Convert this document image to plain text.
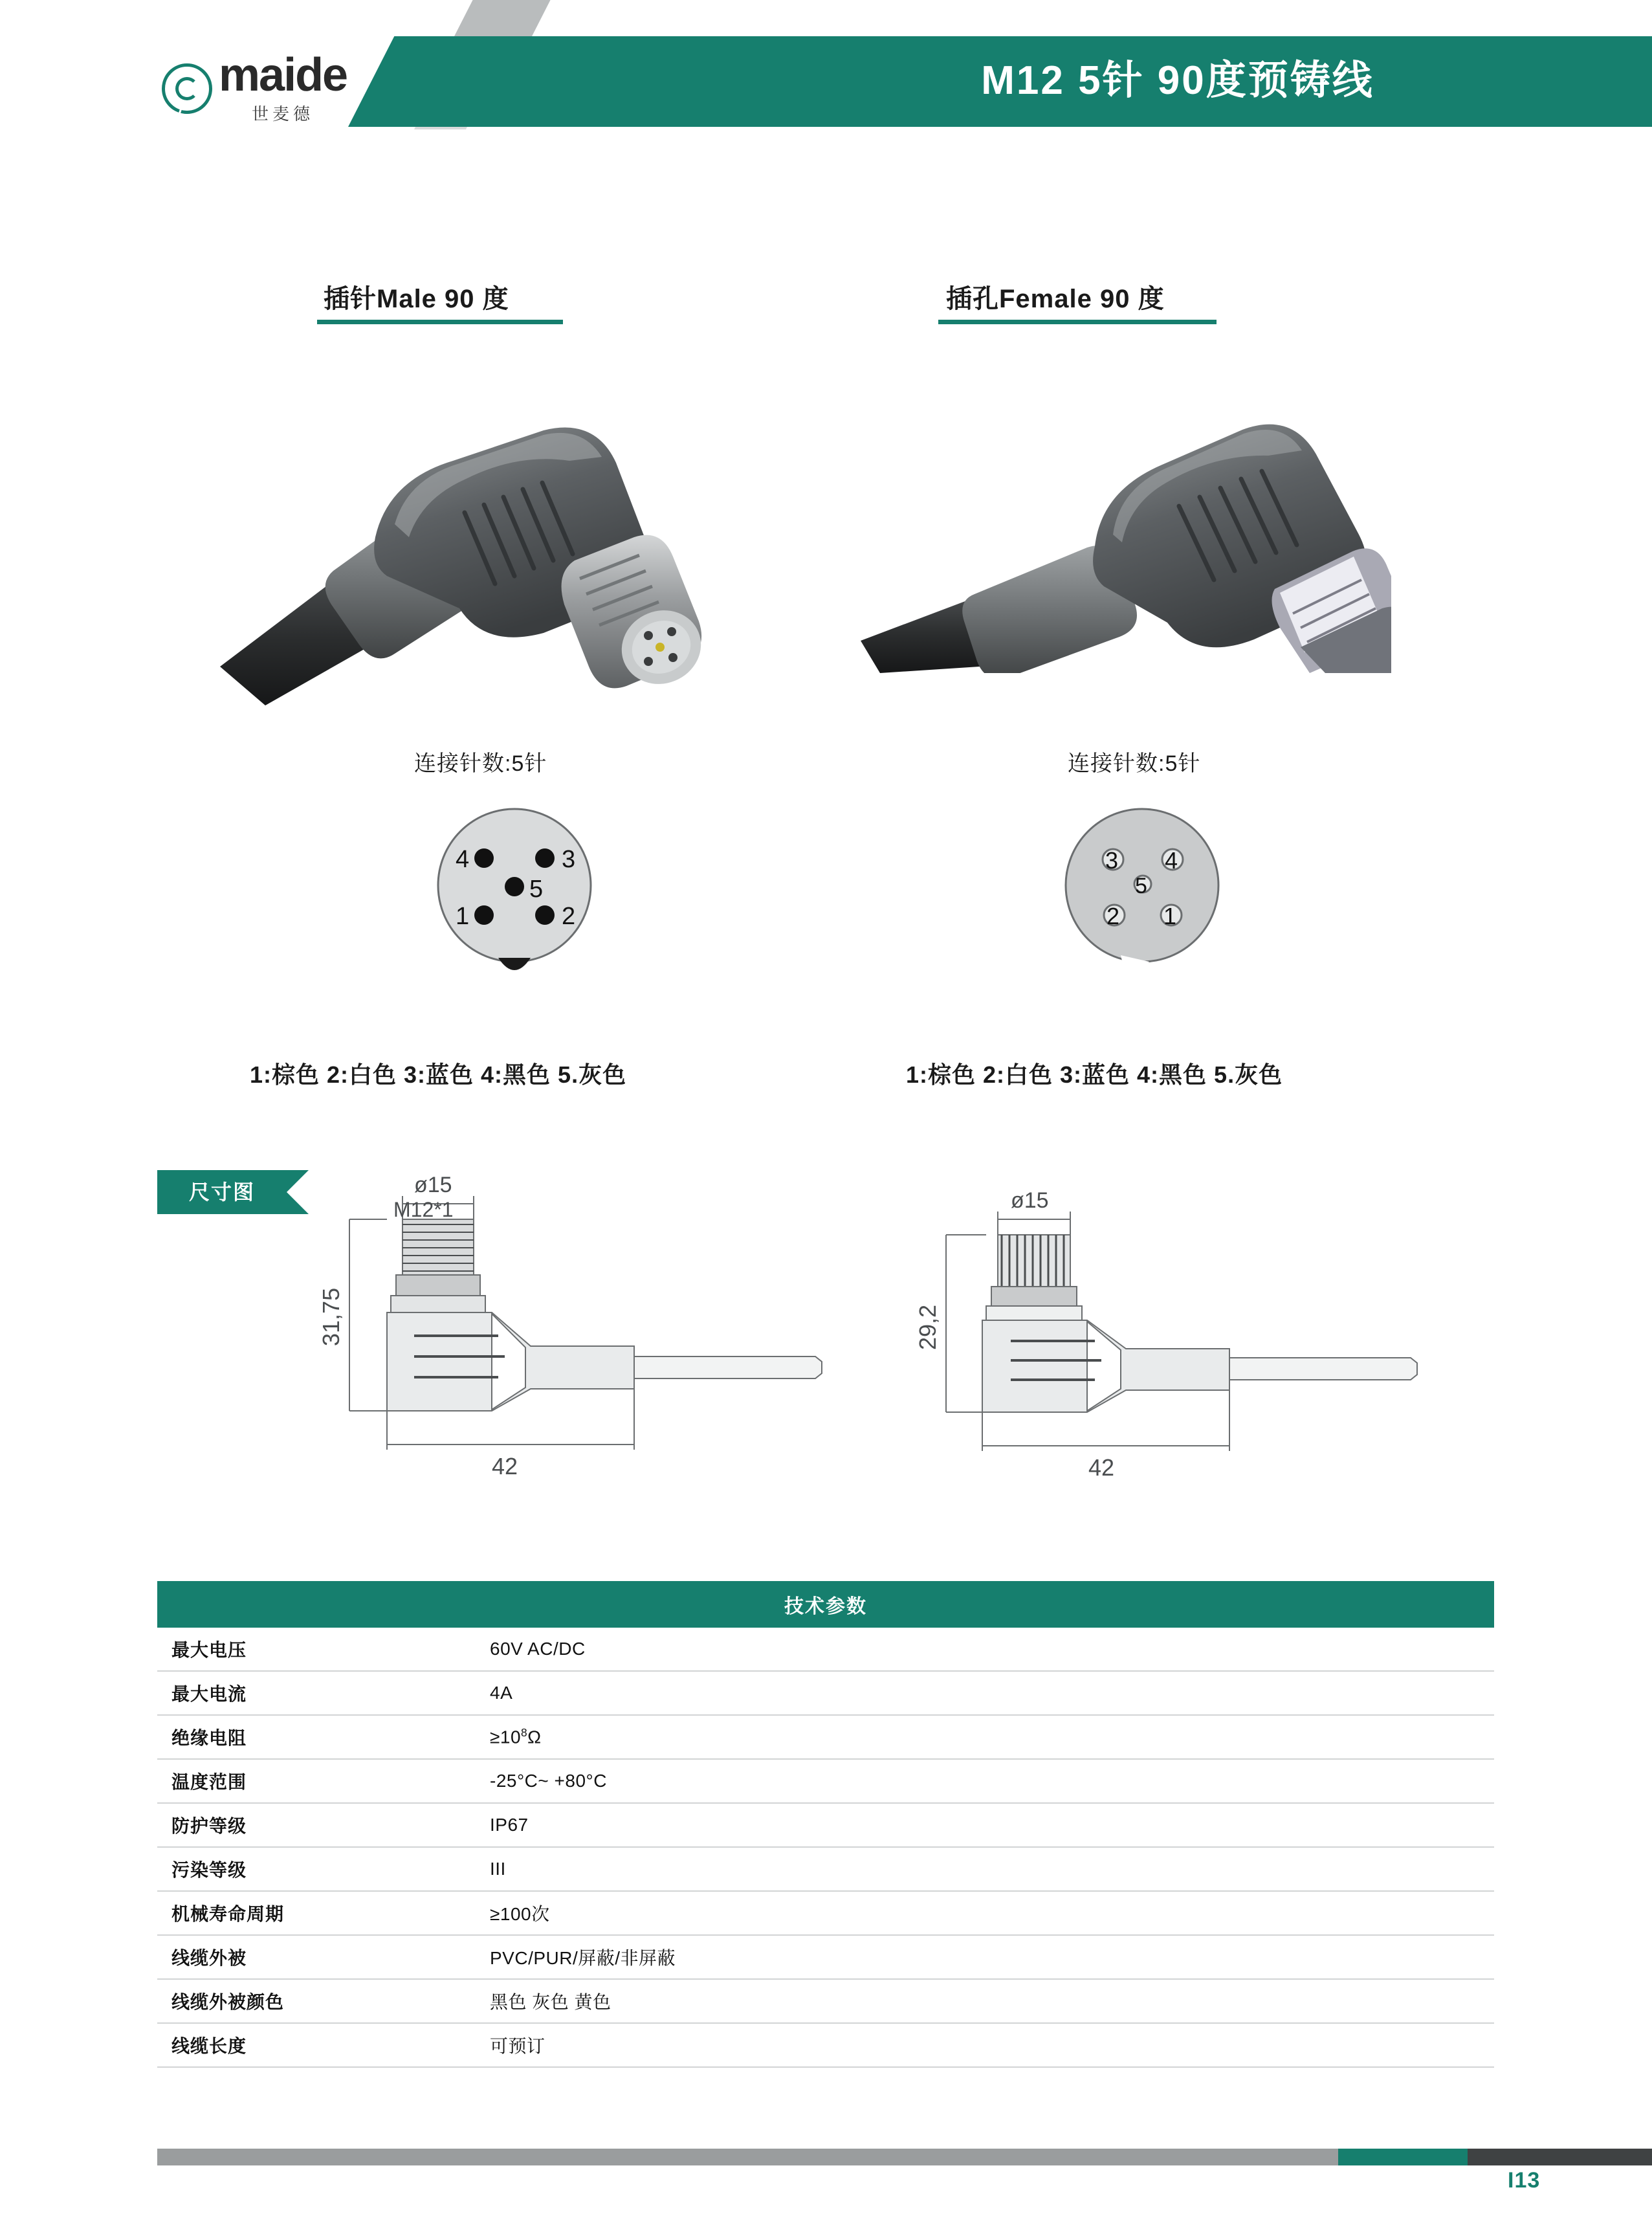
maide
世麦德
M12 5针 90度预铸线
插针Male 90 度
连接针数:5针
4	3
5
1	2
1:棕色 2:白色 3:蓝色 4:黑色 5.灰色
插孔Female 90 度
连接针数:5针
3 4
5
2 1
1:棕色 2:白色 3:蓝色 4:黑色 5.灰色
尺寸图	ø15
M12*1
31,75
42
ø15
29,2
42
技术参数	
最大电压	60V AC/DC
最大电流	4A
绝缘电阻	$\ge 10^8\Omega$
温度范围	-25°C~ +80°C
防护等级	IP67
污染等级	III
机械寿命周期	≥100次
线缆外被	PVC/PUR/屏蔽/非屏蔽
线缆外被颜色	黑色 灰色 黄色
线缆长度	可预订
I13
